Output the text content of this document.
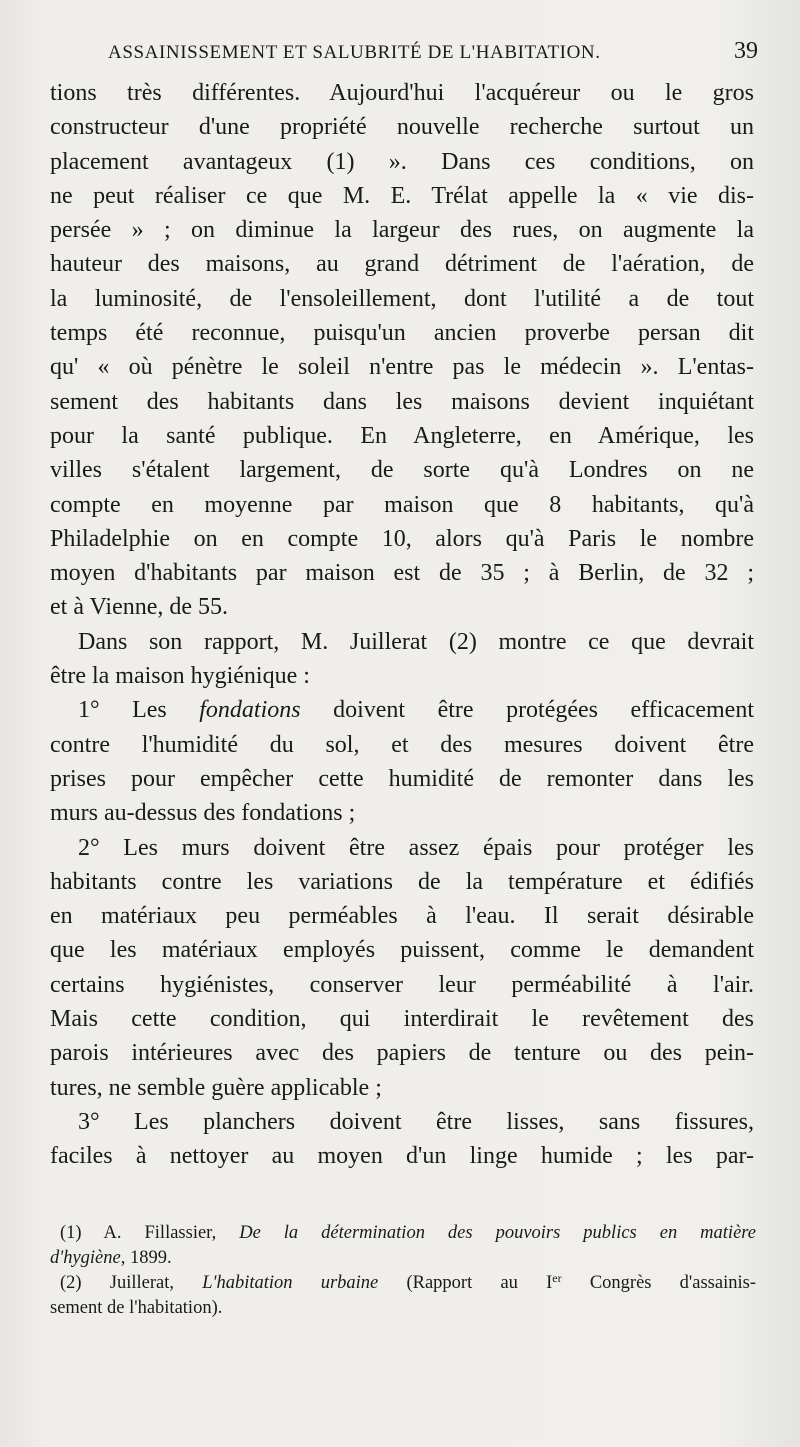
ASSAINISSEMENT ET SALUBRITÉ DE L'HABITATION.	39
tions très différentes. Aujourd'hui l'acquéreur ou le gros
constructeur d'une propriété nouvelle recherche surtout un
placement avantageux (1) ». Dans ces conditions, on
ne peut réaliser ce que M. E. Trélat appelle la « vie dis-
persée » ; on diminue la largeur des rues, on augmente la
hauteur des maisons, au grand détriment de l'aération, de
la luminosité, de l'ensoleillement, dont l'utilité a de tout
temps été reconnue, puisqu'un ancien proverbe persan dit
qu' « où pénètre le soleil n'entre pas le médecin ». L'entas-
sement des habitants dans les maisons devient inquiétant
pour la santé publique. En Angleterre, en Amérique, les
villes s'étalent largement, de sorte qu'à Londres on ne
compte en moyenne par maison que 8 habitants, qu'à
Philadelphie on en compte 10, alors qu'à Paris le nombre
moyen d'habitants par maison est de 35 ; à Berlin, de 32 ;
et à Vienne, de 55.
Dans son rapport, M. Juillerat (2) montre ce que devrait
être la maison hygiénique :
1° Les fondations doivent être protégées efficacement
contre l'humidité du sol, et des mesures doivent être
prises pour empêcher cette humidité de remonter dans les
murs au-dessus des fondations ;
2° Les murs doivent être assez épais pour protéger les
habitants contre les variations de la température et édifiés
en matériaux peu perméables à l'eau. Il serait désirable
que les matériaux employés puissent, comme le demandent
certains hygiénistes, conserver leur perméabilité à l'air.
Mais cette condition, qui interdirait le revêtement des
parois intérieures avec des papiers de tenture ou des pein-
tures, ne semble guère applicable ;
3° Les planchers doivent être lisses, sans fissures,
faciles à nettoyer au moyen d'un linge humide ; les par-
(1) A. Fillassier, De la détermination des pouvoirs publics en matière
d'hygiène, 1899.
(2) Juillerat, L'habitation urbaine (Rapport au Ier Congrès d'assainis-
sement de l'habitation).
